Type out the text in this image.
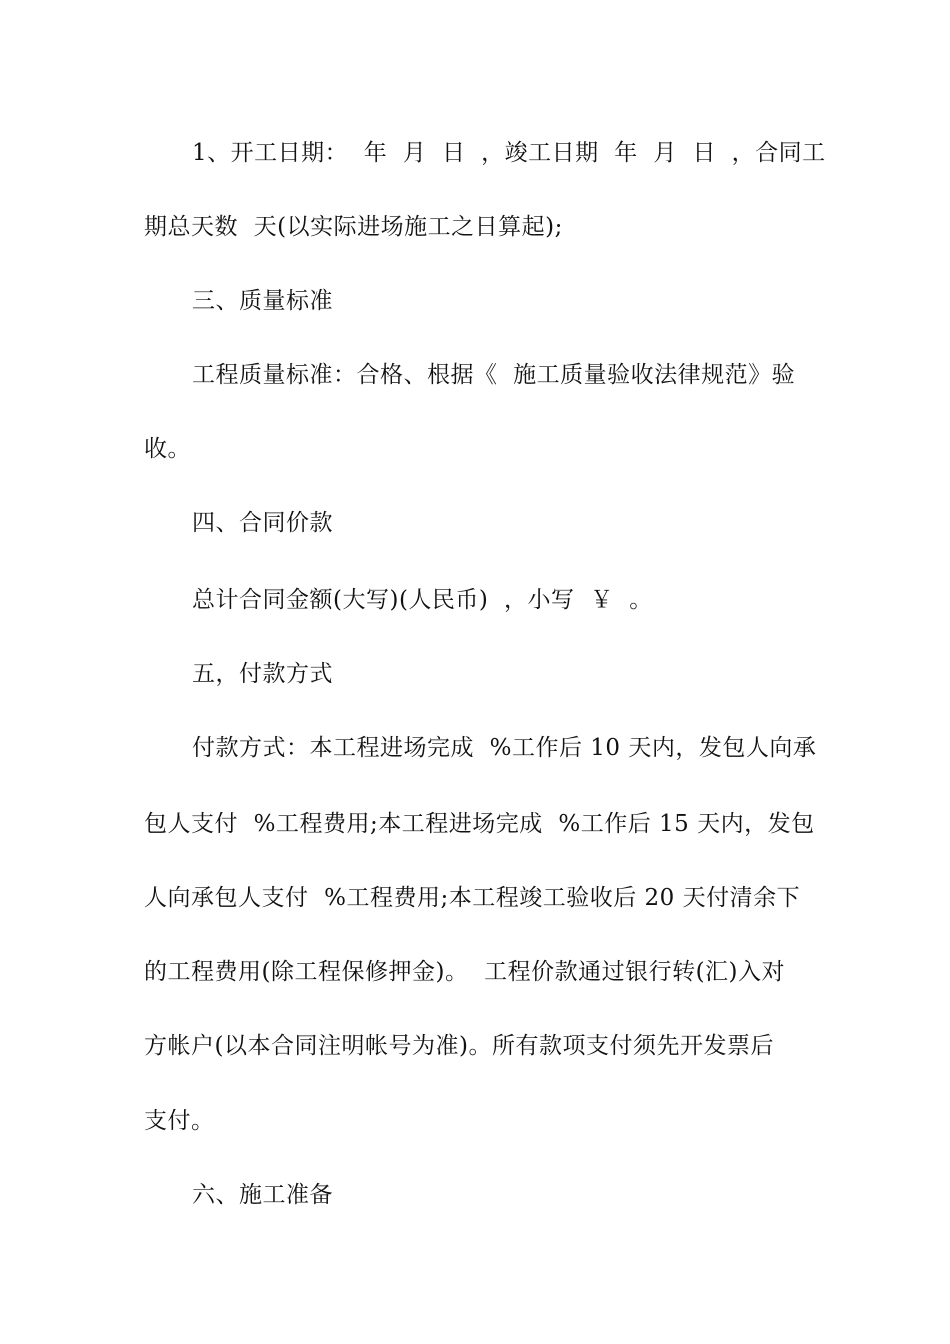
1、开工日期：  年  月  日  ，竣工日期  年  月  日  ，合同工
期总天数  天(以实际进场施工之日算起);
三、质量标准
工程质量标准：合格、根据《  施工质量验收法律规范》验
收。
四、合同价款
总计合同金额(大写)(人民币)  ，小写  ￥  。
五，付款方式
付款方式：本工程进场完成  %工作后 10 天内，发包人向承
包人支付  %工程费用;本工程进场完成  %工作后 15 天内，发包
人向承包人支付  %工程费用;本工程竣工验收后 20 天付清余下
的工程费用(除工程保修押金)。  工程价款通过银行转(汇)入对
方帐户(以本合同注明帐号为准)。所有款项支付须先开发票后
支付。
六、施工准备
